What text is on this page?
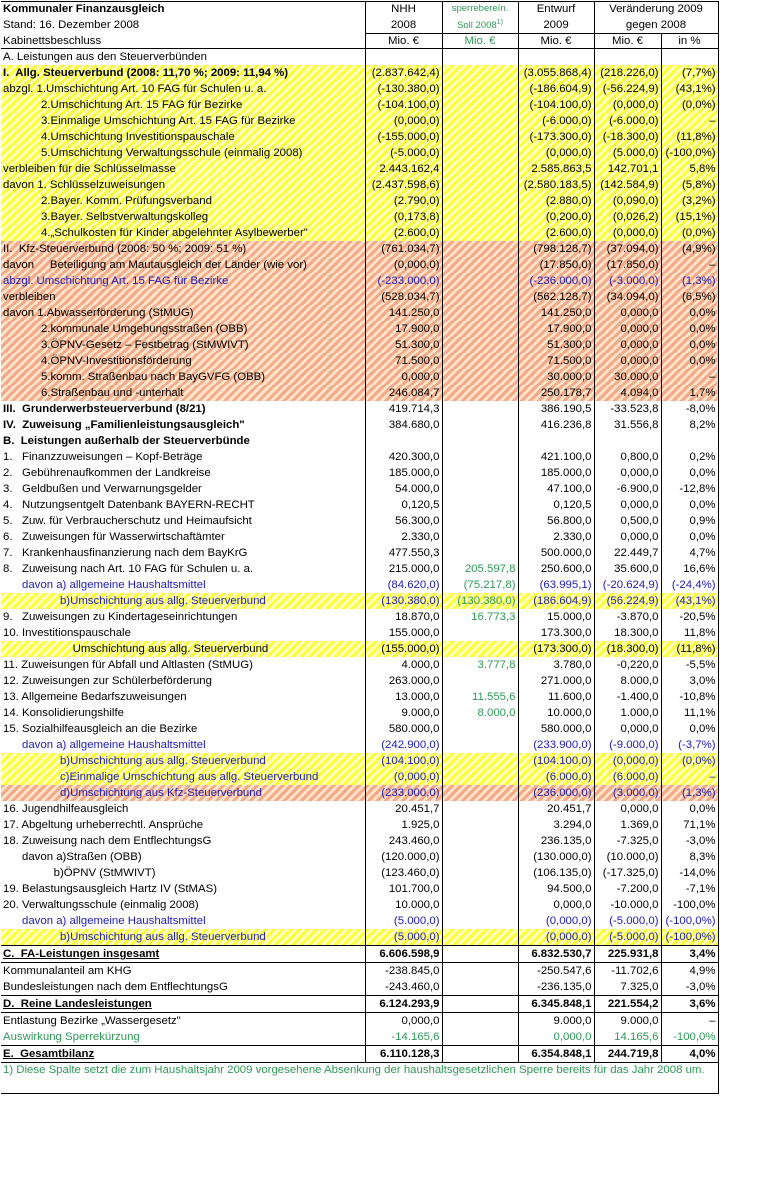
Kommunaler Finanzausgleich	NHH	sperrebereín.	Entwurf	Veränderung 2009	
Stand: 16. Dezember 2008	2008	Soll 2008$^{1)}$	2009	gegen 2008	
Kabinettsbeschluss	Mio. €	Mio. €	Mio. €	Mio. €	in %
A. Leistungen aus den Steuerverbünden					
I.  Allg. Steuerverbund (2008: 11,70 %; 2009: 11,94 %)	(2.837.642,4)		(3.055.868,4)	(218.226,0)	(7,7%)
abzgl. 1.Umschichtung Art. 10 FAG für Schulen u. a.	(-130.380,0)		(-186.604,9)	(-56.224,9)	(43,1%)
2.Umschichtung Art. 15 FAG für Bezirke	(-104.100,0)		(-104.100,0)	(0,000,0)	(0,0%)
3.Einmalige Umschichtung Art. 15 FAG für Bezirke	(0,000,0)		(-6.000,0)	(-6.000,0)	–
4.Umschichtung Investitionspauschale	(-155.000,0)		(-173.300,0)	(-18.300,0)	(11,8%)
5.Umschichtung Verwaltungsschule (einmalig 2008)	(-5.000,0)		(0,000,0)	(5.000,0)	(-100,0%)
verbleiben für die Schlüsselmasse	2.443.162,4		2.585.863,5	142.701,1	5,8%
davon 1. Schlüsselzuweisungen	(2.437.598,6)		(2.580.183,5)	(142.584,9)	(5,8%)
2.Bayer. Komm. Prüfungsverband	(2.790,0)		(2.880,0)	(0,090,0)	(3,2%)
3.Bayer. Selbstverwaltungskolleg	(0,173,8)		(0,200,0)	(0,026,2)	(15,1%)
4.„Schulkosten für Kinder abgelehnter Asylbewerber"	(2.600,0)		(2.600,0)	(0,000,0)	(0,0%)
II.  Kfz-Steuerverbund (2008: 50 %; 2009: 51 %)	(761.034,7)		(798.128,7)	(37.094,0)	(4,9%)
davon     Beteiligung am Mautausgleich der Länder (wie vor)	(0,000,0)		(17.850,0)	(17.850,0)	–
abzgl. Umschichtung Art. 15 FAG für Bezirke	(-233.000,0)		(-236.000,0)	(-3.000,0)	(1,3%)
verbleiben	(528.034,7)		(562.128,7)	(34.094,0)	(6,5%)
davon 1.Abwasserförderung (StMUG)	141.250,0		141.250,0	0,000,0	0,0%
2.kommunale Umgehungsstraßen (OBB)	17.900,0		17.900,0	0,000,0	0,0%
3.ÖPNV-Gesetz – Festbetrag (StMWIVT)	51.300,0		51.300,0	0,000,0	0,0%
4.ÖPNV-Investitionsförderung	71.500,0		71.500,0	0,000,0	0,0%
5.komm. Straßenbau nach BayGVFG (OBB)	0,000,0		30.000,0	30.000,0	–
6.Straßenbau und -unterhalt	246.084,7		250.178,7	4.094,0	1,7%
III.  Grunderwerbsteuerverbund (8/21)	419.714,3		386.190,5	-33.523,8	-8,0%
IV.  Zuweisung „Familienleistungsausgleich"	384.680,0		416.236,8	31.556,8	8,2%
B.  Leistungen außerhalb der Steuerverbünde					
1.   Finanzzuweisungen – Kopf-Beträge	420.300,0		421.100,0	0,800,0	0,2%
2.   Gebührenaufkommen der Landkreise	185.000,0		185.000,0	0,000,0	0,0%
3.   Geldbußen und Verwarnungsgelder	54.000,0		47.100,0	-6.900,0	-12,8%
4.   Nutzungsentgelt Datenbank BAYERN-RECHT	0,120,5		0,120,5	0,000,0	0,0%
5.   Zuw. für Verbraucherschutz und Heimaufsicht	56.300,0		56.800,0	0,500,0	0,9%
6.   Zuweisungen für Wasserwirtschaftämter	2.330,0		2.330,0	0,000,0	0,0%
7.   Krankenhausfinanzierung nach dem BayKrG	477.550,3		500.000,0	22.449,7	4,7%
8.   Zuweisung nach Art. 10 FAG für Schulen u. a.	215.000,0	205.597,8	250.600,0	35.600,0	16,6%
davon a) allgemeine Haushaltsmittel	(84.620,0)	(75.217,8)	(63.995,1)	(-20.624,9)	(-24,4%)
b)Umschichtung aus allg. Steuerverbund	(130.380,0)	(130.380,0)	(186.604,9)	(56.224,9)	(43,1%)
9.   Zuweisungen zu Kindertageseinrichtungen	18.870,0	16.773,3	15.000,0	-3.870,0	-20,5%
10. Investitionspauschale	155.000,0		173.300,0	18.300,0	11,8%
Umschichtung aus allg. Steuerverbund	(155.000,0)		(173.300,0)	(18.300,0)	(11,8%)
11. Zuweisungen für Abfall und Altlasten (StMUG)	4.000,0	3.777,8	3.780,0	-0,220,0	-5,5%
12. Zuweisungen zur Schülerbeförderung	263.000,0		271.000,0	8.000,0	3,0%
13. Allgemeine Bedarfszuweisungen	13.000,0	11.555,6	11.600,0	-1.400,0	-10,8%
14. Konsolidierungshilfe	9.000,0	8.000,0	10.000,0	1.000,0	11,1%
15. Sozialhilfeausgleich an die Bezirke	580.000,0		580.000,0	0,000,0	0,0%
davon a) allgemeine Haushaltsmittel	(242.900,0)		(233.900,0)	(-9.000,0)	(-3,7%)
b)Umschichtung aus allg. Steuerverbund	(104.100,0)		(104.100,0)	(0,000,0)	(0,0%)
c)Einmalige Umschichtung aus allg. Steuerverbund	(0,000,0)		(6.000,0)	(6.000,0)	–
d)Umschichtung aus Kfz-Steuerverbund	(233.000,0)		(236.000,0)	(3.000,0)	(1,3%)
16. Jugendhilfeausgleich	20.451,7		20.451,7	0,000,0	0,0%
17. Abgeltung urheberrechtl. Ansprüche	1.925,0		3.294,0	1.369,0	71,1%
18. Zuweisung nach dem EntflechtungsG	243.460,0		236.135,0	-7.325,0	-3,0%
davon a)Straßen (OBB)	(120.000,0)		(130.000,0)	(10.000,0)	8,3%
b)ÖPNV (StMWIVT)	(123.460,0)		(106.135,0)	(-17.325,0)	-14,0%
19. Belastungsausgleich Hartz IV (StMAS)	101.700,0		94.500,0	-7.200,0	-7,1%
20. Verwaltungsschule (einmalig 2008)	10.000,0		0,000,0	-10.000,0	-100,0%
davon a) allgemeine Haushaltsmittel	(5.000,0)		(0,000,0)	(-5.000,0)	(-100,0%)
b)Umschichtung aus allg. Steuerverbund	(5.000,0)		(0,000,0)	(-5.000,0)	(-100,0%)
C.  FA-Leistungen insgesamt	6.606.598,9		6.832.530,7	225.931,8	3,4%
Kommunalanteil am KHG	-238.845,0		-250.547,6	-11.702,6	4,9%
Bundesleistungen nach dem EntflechtungsG	-243.460,0		-236.135,0	7.325,0	-3,0%
D.  Reine Landesleistungen	6.124.293,9		6.345.848,1	221.554,2	3,6%
Entlastung Bezirke „Wassergesetz"	0,000,0		9.000,0	9.000,0	–
Auswirkung Sperrekürzung	-14.165,6		0,000,0	14.165,6	-100,0%
E.  Gesamtbilanz	6.110.128,3		6.354.848,1	244.719,8	4,0%
1) Diese Spalte setzt die zum Haushaltsjahr 2009 vorgesehene Absenkung der haushaltsgesetzlichen Sperre bereits für das Jahr 2008 um.					
